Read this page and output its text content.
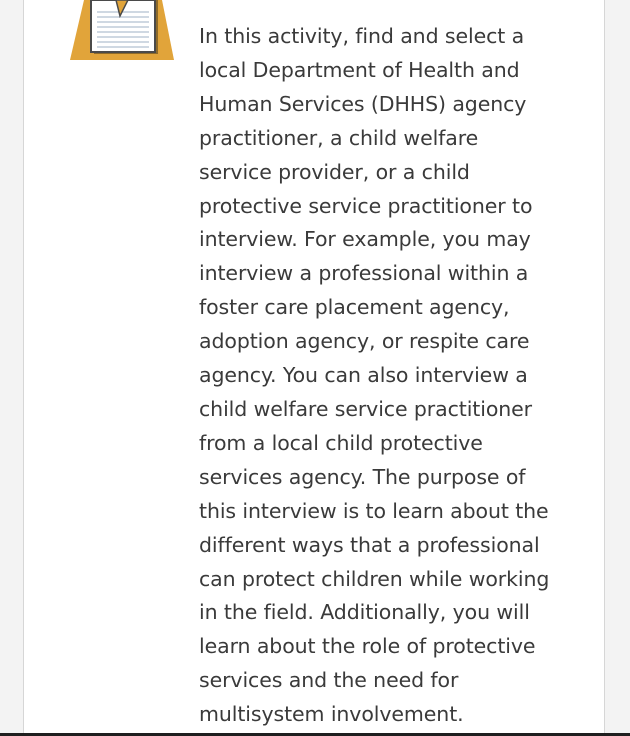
In this activity, find and select a
local Department of Health and
Human Services (DHHS) agency
practitioner, a child welfare
service provider, or a child
protective service practitioner to
interview. For example, you may
interview a professional within a
foster care placement agency,
adoption agency, or respite care
agency. You can also interview a
child welfare service practitioner
from a local child protective
services agency. The purpose of
this interview is to learn about the
different ways that a professional
can protect children while working
in the field. Additionally, you will
learn about the role of protective
services and the need for
multisystem involvement.
